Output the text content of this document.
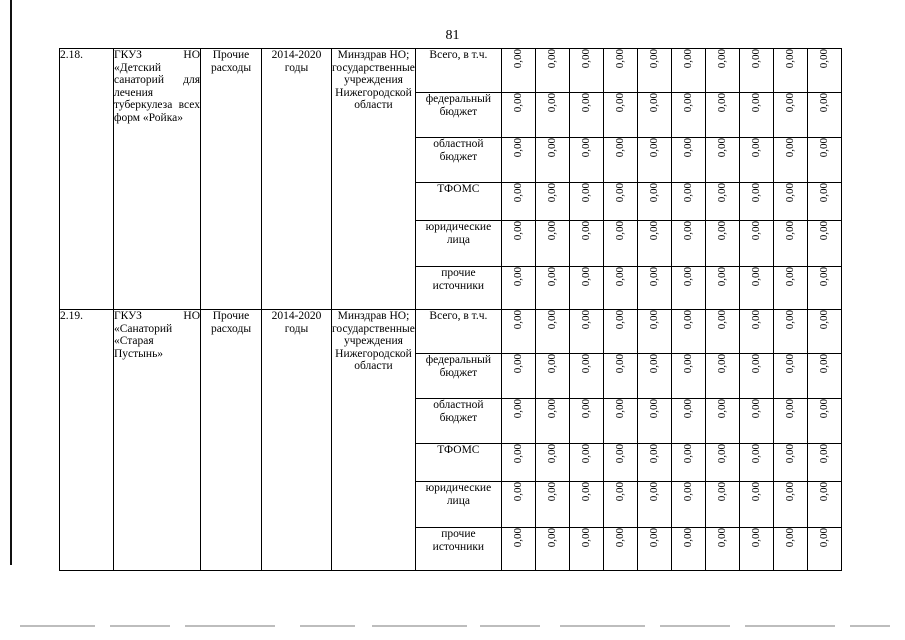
81
2.18.	ГКУЗ НО «Детский санаторий для лечения туберкулеза всех форм «Ройка»	Прочие расходы	2014-2020 годы	Минздрав НО; государственные учреждения Нижегородской области	Всего, в т.ч.	0,00	0,00	0,00	0,00	0,00	0,00	0,00	0,00	0,00	0,00
					федеральный бюджет	0,00	0,00	0,00	0,00	0,00	0,00	0,00	0,00	0,00	0,00
					областной бюджет	0,00	0,00	0,00	0,00	0,00	0,00	0,00	0,00	0,00	0,00
					ТФОМС	0,00	0,00	0,00	0,00	0,00	0,00	0,00	0,00	0,00	0,00
					юридические лица	0,00	0,00	0,00	0,00	0,00	0,00	0,00	0,00	0,00	0,00
					прочие источники	0,00	0,00	0,00	0,00	0,00	0,00	0,00	0,00	0,00	0,00
2.19.	ГКУЗ НО «Санаторий «Старая Пустынь»	Прочие расходы	2014-2020 годы	Минздрав НО; государственные учреждения Нижегородской области	Всего, в т.ч.	0,00	0,00	0,00	0,00	0,00	0,00	0,00	0,00	0,00	0,00
					федеральный бюджет	0,00	0,00	0,00	0,00	0,00	0,00	0,00	0,00	0,00	0,00
					областной бюджет	0,00	0,00	0,00	0,00	0,00	0,00	0,00	0,00	0,00	0,00
					ТФОМС	0,00	0,00	0,00	0,00	0,00	0,00	0,00	0,00	0,00	0,00
					юридические лица	0,00	0,00	0,00	0,00	0,00	0,00	0,00	0,00	0,00	0,00
					прочие источники	0,00	0,00	0,00	0,00	0,00	0,00	0,00	0,00	0,00	0,00
